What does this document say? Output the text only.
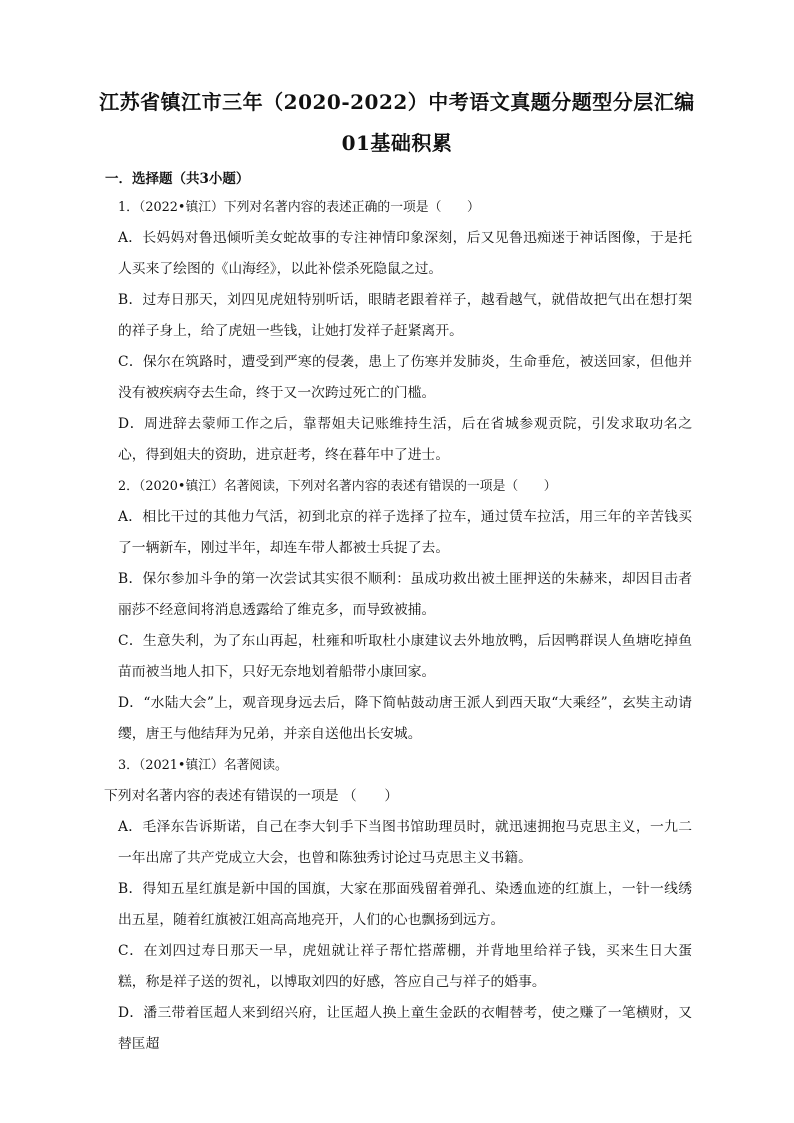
江苏省镇江市三年（2020-2022）中考语文真题分题型分层汇编
01基础积累
一．选择题（共3小题）

1．（2022•镇江）下列对名著内容的表述正确的一项是（　　）

A．长妈妈对鲁迅倾听美女蛇故事的专注神情印象深刻，后又见鲁迅痴迷于神话图像，于是托人买来了绘图的《山海经》，以此补偿杀死隐鼠之过。

B．过寿日那天，刘四见虎妞特别听话，眼睛老跟着祥子，越看越气，就借故把气出在想打架的祥子身上，给了虎妞一些钱，让她打发祥子赶紧离开。

C．保尔在筑路时，遭受到严寒的侵袭，患上了伤寒并发肺炎，生命垂危，被送回家，但他并没有被疾病夺去生命，终于又一次跨过死亡的门槛。

D．周进辞去蒙师工作之后，靠帮姐夫记账维持生活，后在省城参观贡院，引发求取功名之心，得到姐夫的资助，进京赶考，终在暮年中了进士。

2．（2020•镇江）名著阅读，下列对名著内容的表述有错误的一项是（　　）

A．相比干过的其他力气活，初到北京的祥子选择了拉车，通过赁车拉活，用三年的辛苦钱买了一辆新车，刚过半年，却连车带人都被士兵捉了去。

B．保尔参加斗争的第一次尝试其实很不顺利：虽成功救出被土匪押送的朱赫来，却因目击者丽莎不经意间将消息透露给了维克多，而导致被捕。

C．生意失利，为了东山再起，杜雍和听取杜小康建议去外地放鸭，后因鸭群误人鱼塘吃掉鱼苗而被当地人扣下，只好无奈地划着船带小康回家。

D．“水陆大会”上，观音现身远去后，降下简帖鼓动唐王派人到西天取“大乘经”，玄奘主动请缨，唐王与他结拜为兄弟，并亲自送他出长安城。

3．（2021•镇江）名著阅读。

下列对名著内容的表述有错误的一项是 （　　）

A．毛泽东告诉斯诺，自己在李大钊手下当图书馆助理员时，就迅速拥抱马克思主义，一九二一年出席了共产党成立大会，也曾和陈独秀讨论过马克思主义书籍。

B．得知五星红旗是新中国的国旗，大家在那面残留着弹孔、染透血迹的红旗上，一针一线绣出五星，随着红旗被江姐高高地亮开，人们的心也飘扬到远方。

C．在刘四过寿日那天一早，虎妞就让祥子帮忙搭蓆棚，并背地里给祥子钱，买来生日大蛋糕，称是祥子送的贺礼，以博取刘四的好感，答应自己与祥子的婚事。

D．潘三带着匡超人来到绍兴府，让匡超人换上童生金跃的衣帽替考，使之赚了一笔横财，又替匡超
